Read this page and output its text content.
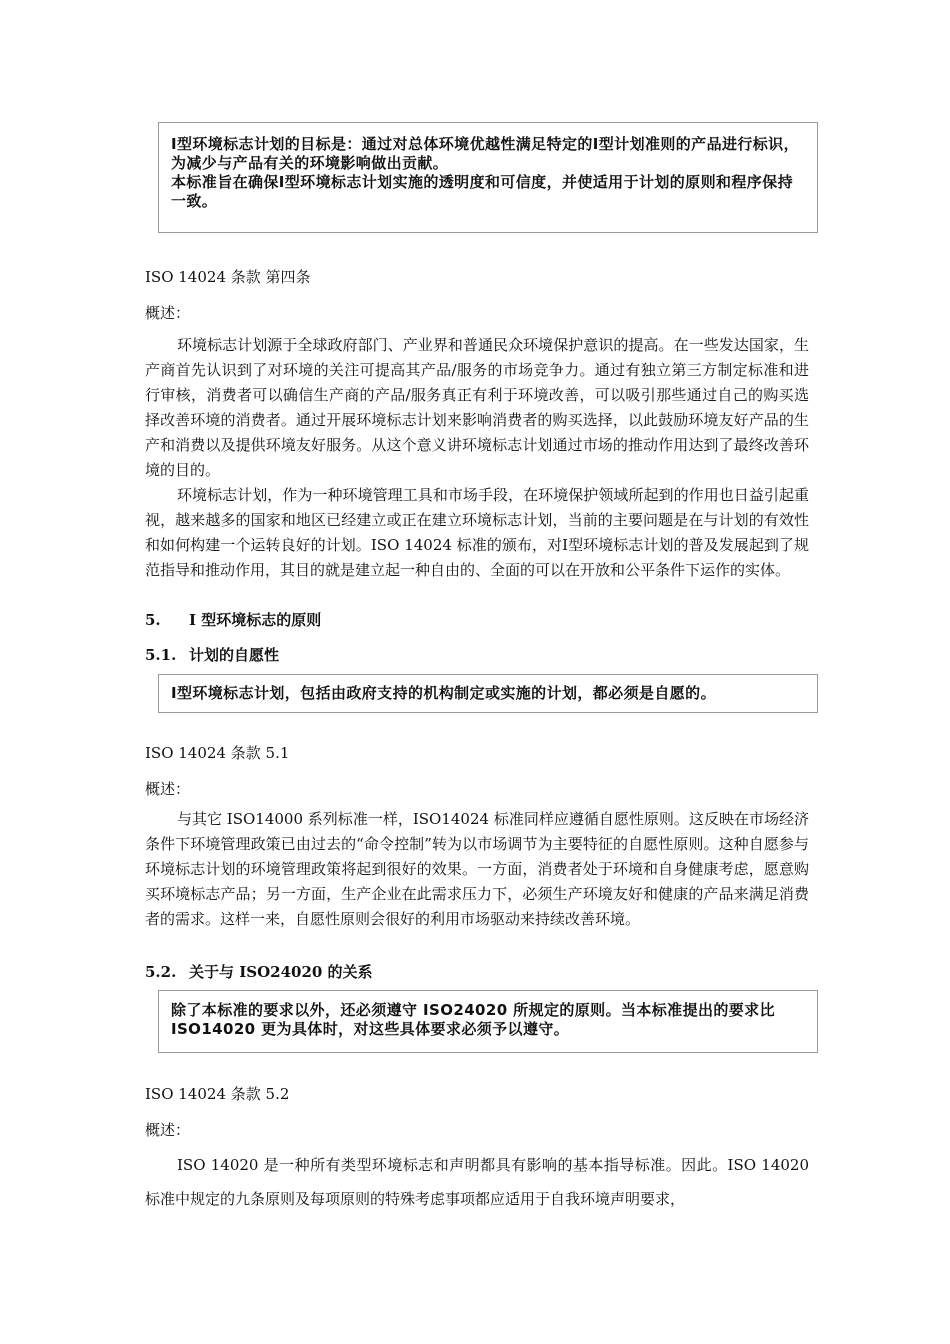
I型环境标志计划的目标是：通过对总体环境优越性满足特定的Ⅰ型计划准则的产品进行标识，为减少与产品有关的环境影响做出贡献。

本标准旨在确保Ⅰ型环境标志计划实施的透明度和可信度，并使适用于计划的原则和程序保持一致。

ISO 14024 条款 第四条

概述：

环境标志计划源于全球政府部门、产业界和普通民众环境保护意识的提高。在一些发达国家，生产商首先认识到了对环境的关注可提高其产品/服务的市场竞争力。通过有独立第三方制定标准和进行审核，消费者可以确信生产商的产品/服务真正有利于环境改善，可以吸引那些通过自己的购买选择改善环境的消费者。通过开展环境标志计划来影响消费者的购买选择，以此鼓励环境友好产品的生产和消费以及提供环境友好服务。从这个意义讲环境标志计划通过市场的推动作用达到了最终改善环境的目的。

环境标志计划，作为一种环境管理工具和市场手段，在环境保护领域所起到的作用也日益引起重视，越来越多的国家和地区已经建立或正在建立环境标志计划，当前的主要问题是在与计划的有效性和如何构建一个运转良好的计划。ISO 14024 标准的颁布，对Ⅰ型环境标志计划的普及发展起到了规范指导和推动作用，其目的就是建立起一种自由的、全面的可以在开放和公平条件下运作的实体。

5. I 型环境标志的原则

5.1. 计划的自愿性

I型环境标志计划，包括由政府支持的机构制定或实施的计划，都必须是自愿的。

ISO 14024 条款 5.1

概述：

与其它 ISO14000 系列标准一样，ISO14024 标准同样应遵循自愿性原则。这反映在市场经济条件下环境管理政策已由过去的“命令控制”转为以市场调节为主要特征的自愿性原则。这种自愿参与环境标志计划的环境管理政策将起到很好的效果。一方面，消费者处于环境和自身健康考虑，愿意购买环境标志产品；另一方面，生产企业在此需求压力下，必须生产环境友好和健康的产品来满足消费者的需求。这样一来，自愿性原则会很好的利用市场驱动来持续改善环境。

5.2. 关于与 ISO24020 的关系

除了本标准的要求以外，还必须遵守 ISO24020 所规定的原则。当本标准提出的要求比 ISO14020 更为具体时，对这些具体要求必须予以遵守。

ISO 14024 条款 5.2

概述：

ISO 14020 是一种所有类型环境标志和声明都具有影响的基本指导标准。因此。ISO 14020 标准中规定的九条原则及每项原则的特殊考虑事项都应适用于自我环境声明要求，
